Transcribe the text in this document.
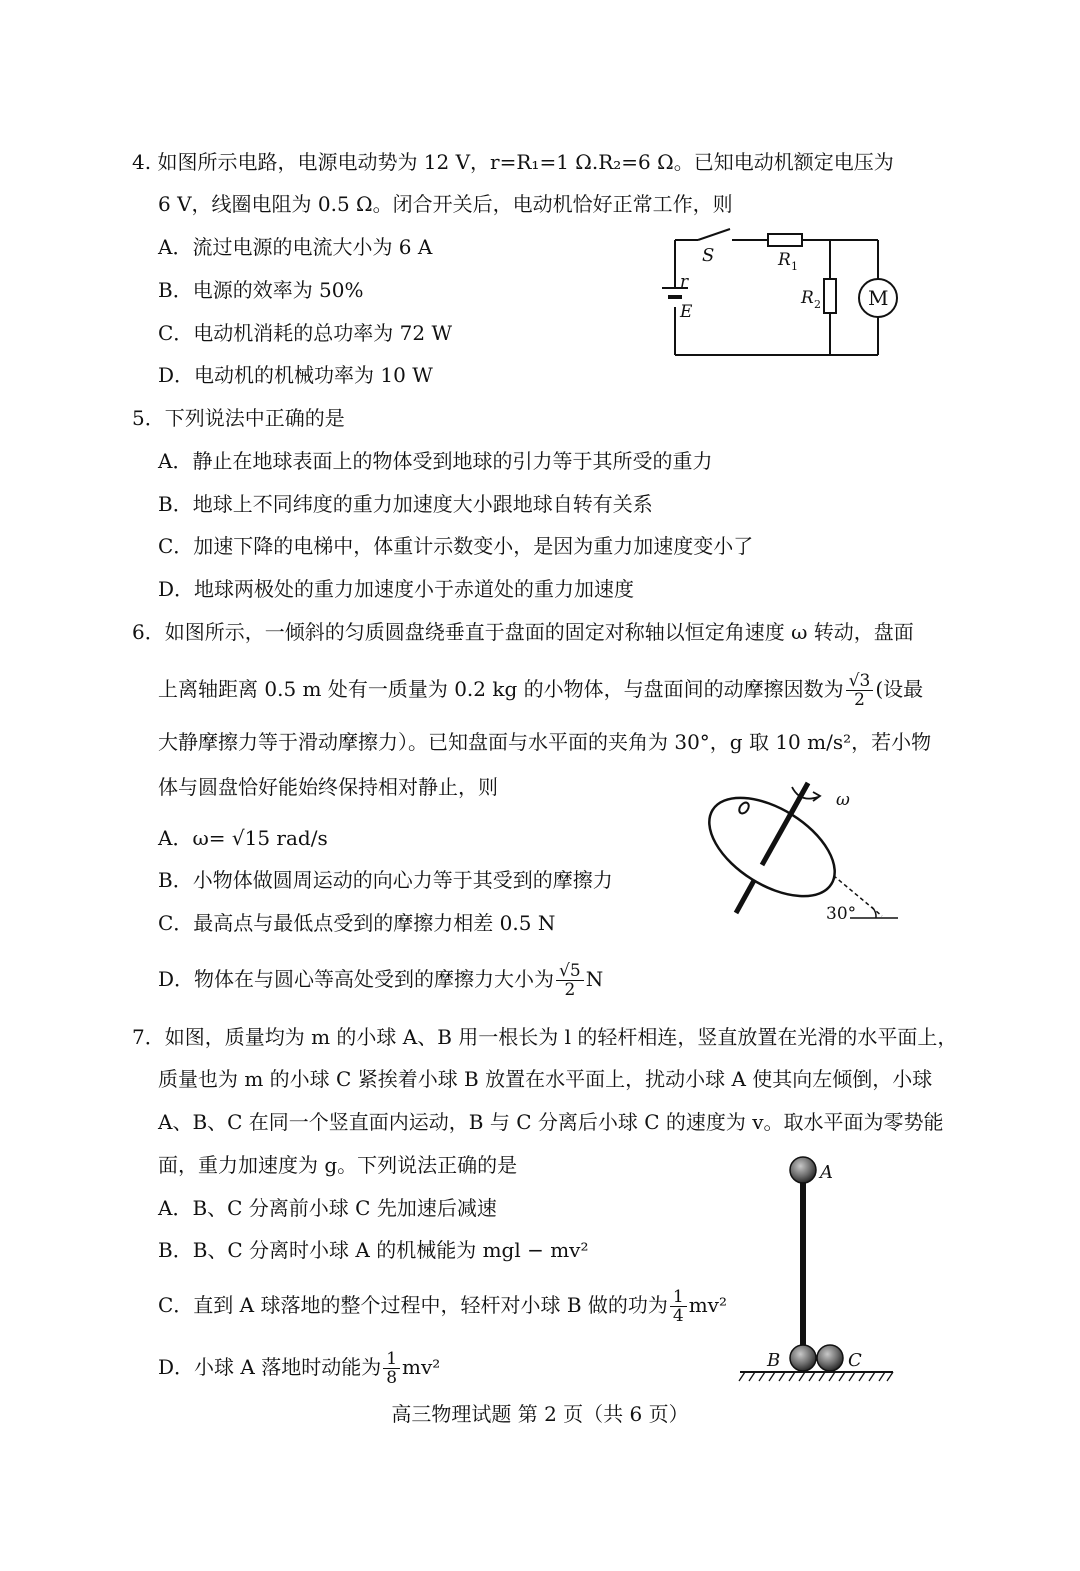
4. 如图所示电路，电源电动势为 12 V，r=R₁=1 Ω.R₂=6 Ω。已知电动机额定电压为
6 V，线圈电阻为 0.5 Ω。闭合开关后，电动机恰好正常工作，则
A．流过电源的电流大小为 6 A
B．电源的效率为 50%
C．电动机消耗的总功率为 72 W
D．电动机的机械功率为 10 W
S	R 1
R 2
r
E
M
5．下列说法中正确的是
A．静止在地球表面上的物体受到地球的引力等于其所受的重力
B．地球上不同纬度的重力加速度大小跟地球自转有关系
C．加速下降的电梯中，体重计示数变小，是因为重力加速度变小了
D．地球两极处的重力加速度小于赤道处的重力加速度
6．如图所示，一倾斜的匀质圆盘绕垂直于盘面的固定对称轴以恒定角速度 ω 转动，盘面
上离轴距离 0.5 m 处有一质量为 0.2 kg 的小物体，与盘面间的动摩擦因数为 $\frac{√3}{2}$ (设最
大静摩擦力等于滑动摩擦力）。已知盘面与水平面的夹角为 30°，g 取 10 m/s²，若小物
体与圆盘恰好能始终保持相对静止，则
A．ω= √15 rad/s
B．小物体做圆周运动的向心力等于其受到的摩擦力
C．最高点与最低点受到的摩擦力相差 0.5 N
D．物体在与圆心等高处受到的摩擦力大小为 $\frac{√5}{2}$ N
ω
30°
7．如图，质量均为 m 的小球 A、B 用一根长为 l 的轻杆相连，竖直放置在光滑的水平面上，
质量也为 m 的小球 C 紧挨着小球 B 放置在水平面上，扰动小球 A 使其向左倾倒，小球
A、B、C 在同一个竖直面内运动，B 与 C 分离后小球 C 的速度为 v。取水平面为零势能
面，重力加速度为 g。下列说法正确的是
A．B、C 分离前小球 C 先加速后减速
B．B、C 分离时小球 A 的机械能为 mgl − mv²
C．直到 A 球落地的整个过程中，轻杆对小球 B 做的功为 $\frac{1}{4} mv^2$
D．小球 A 落地时动能为 $\frac{1}{8} mv^2$
A
B	C
高三物理试题 第 2 页（共 6 页）
